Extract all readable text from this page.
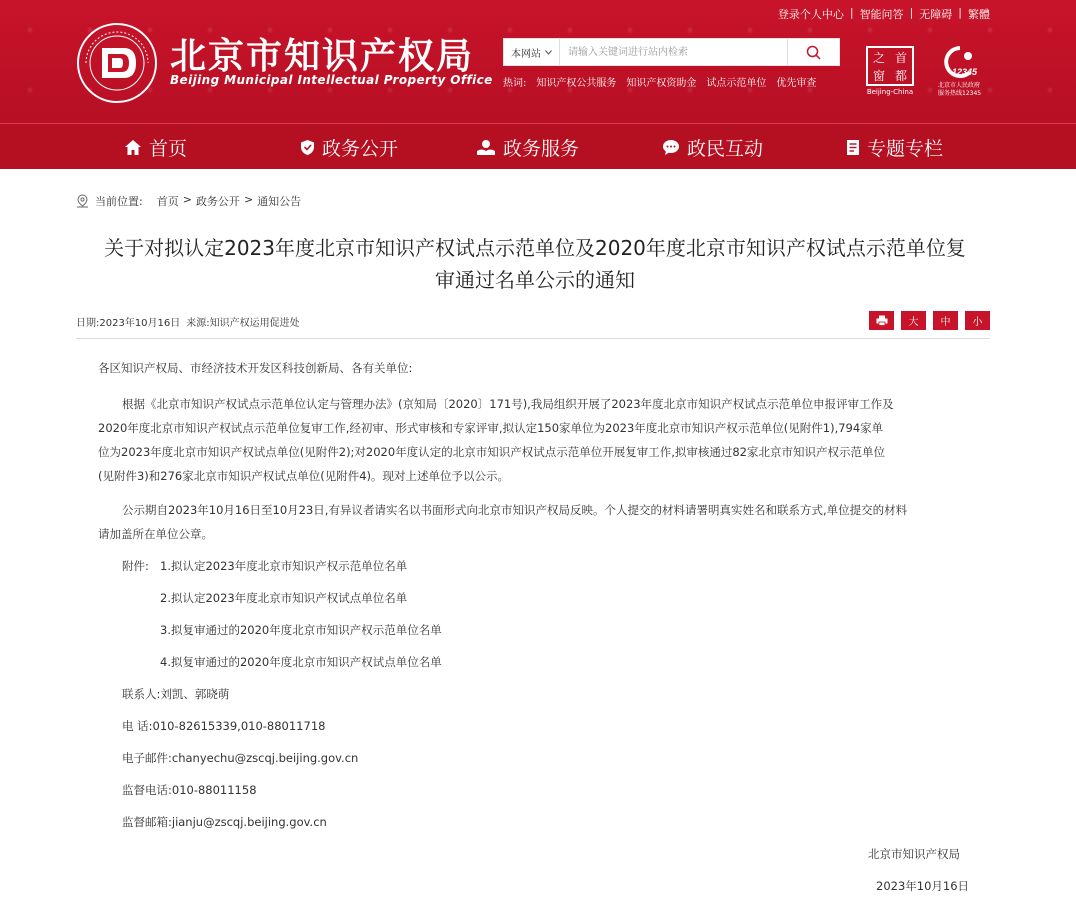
登录个人中心 | 智能问答 | 无障碍 | 繁體
北京市知识产权局
Beijing Municipal Intellectual Property Office
本网站
请输入关键词进行站内检索
热词: 知识产权公共服务 知识产权资助金 试点示范单位 优先审查
之 首
窗 都
Beijing-China
12345
北京市人民政府
服务热线12345
首页	政务公开	政务服务	政民互动	专题专栏
当前位置: 首页 > 政务公开 > 通知公告
关于对拟认定2023年度北京市知识产权试点示范单位及2020年度北京市知识产权试点示范单位复
审通过名单公示的通知
日期:2023年10月16日 来源:知识产权运用促进处	大	中	小
各区知识产权局、市经济技术开发区科技创新局、各有关单位:
根据《北京市知识产权试点示范单位认定与管理办法》(京知局〔2020〕171号),我局组织开展了2023年度北京市知识产权试点示范单位申报评审工作及
2020年度北京市知识产权试点示范单位复审工作,经初审、形式审核和专家评审,拟认定150家单位为2023年度北京市知识产权示范单位(见附件1),794家单
位为2023年度北京市知识产权试点单位(见附件2);对2020年度认定的北京市知识产权试点示范单位开展复审工作,拟审核通过82家北京市知识产权示范单位
(见附件3)和276家北京市知识产权试点单位(见附件4)。现对上述单位予以公示。
公示期自2023年10月16日至10月23日,有异议者请实名以书面形式向北京市知识产权局反映。个人提交的材料请署明真实姓名和联系方式,单位提交的材料
请加盖所在单位公章。
附件: 1.拟认定2023年度北京市知识产权示范单位名单
2.拟认定2023年度北京市知识产权试点单位名单
3.拟复审通过的2020年度北京市知识产权示范单位名单
4.拟复审通过的2020年度北京市知识产权试点单位名单
联系人:刘凯、郭晓萌
电 话:010-82615339,010-88011718
电子邮件:chanyechu@zscqj.beijing.gov.cn
监督电话:010-88011158
监督邮箱:jianju@zscqj.beijing.gov.cn
北京市知识产权局
2023年10月16日
